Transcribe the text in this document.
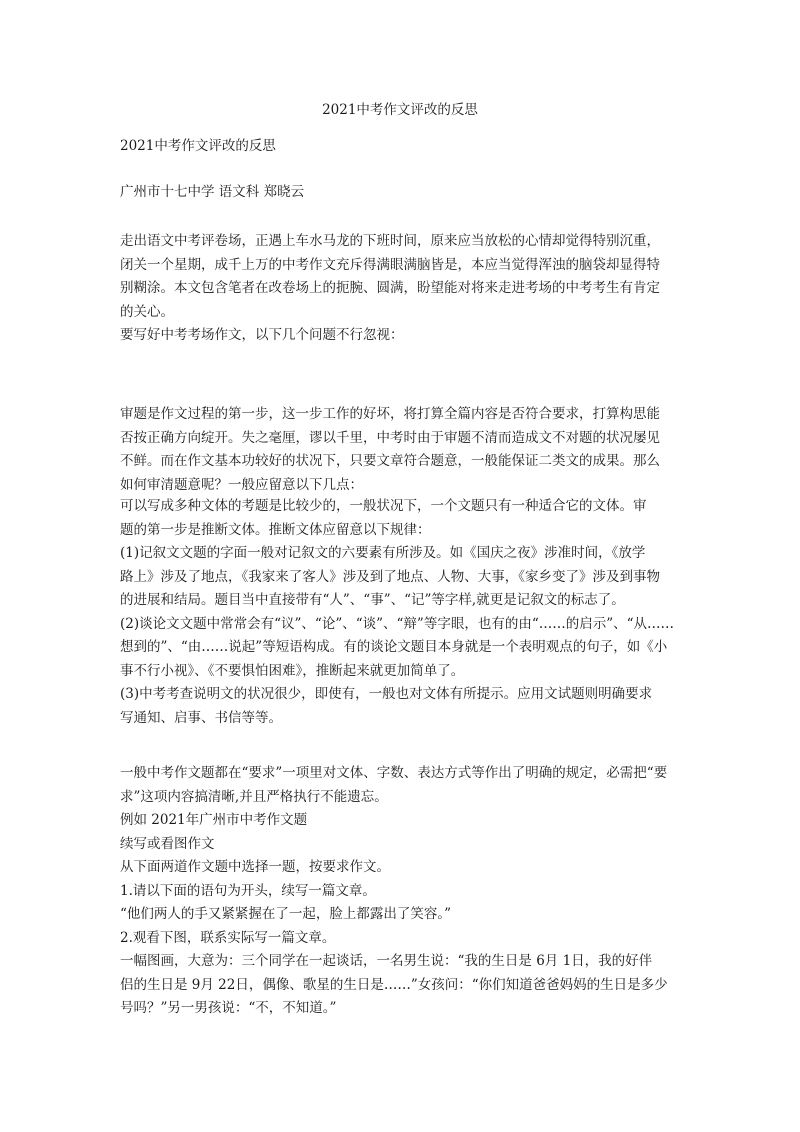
2021中考作文评改的反思

2021中考作文评改的反思

广州市十七中学 语文科 郑晓云

走出语文中考评卷场，正遇上车水马龙的下班时间，原来应当放松的心情却觉得特别沉重，
闭关一个星期，成千上万的中考作文充斥得满眼满脑皆是，本应当觉得浑浊的脑袋却显得特
别糊涂。本文包含笔者在改卷场上的扼腕、圆满，盼望能对将来走进考场的中考考生有肯定
的关心。
要写好中考考场作文，以下几个问题不行忽视：

审题是作文过程的第一步，这一步工作的好坏，将打算全篇内容是否符合要求，打算构思能
否按正确方向绽开。失之毫厘，谬以千里，中考时由于审题不清而造成文不对题的状况屡见
不鲜。而在作文基本功较好的状况下，只要文章符合题意，一般能保证二类文的成果。那么
如何审清题意呢？一般应留意以下几点：

可以写成多种文体的考题是比较少的，一般状况下，一个文题只有一种适合它的文体。审
题的第一步是推断文体。推断文体应留意以下规律：
(1)记叙文文题的字面一般对记叙文的六要素有所涉及。如《国庆之夜》涉准时间，《放学
路上》涉及了地点，《我家来了客人》涉及到了地点、人物、大事，《家乡变了》涉及到事物
的进展和结局。题目当中直接带有“人”、“事”、“记”等字样,就更是记叙文的标志了。
(2)谈论文文题中常常会有“议”、“论”、“谈”、“辩”等字眼，也有的由“……的启示”、“从……
想到的”、“由……说起”等短语构成。有的谈论文题目本身就是一个表明观点的句子，如《小
事不行小视》、《不要惧怕困难》，推断起来就更加简单了。
(3)中考考查说明文的状况很少，即使有，一般也对文体有所提示。应用文试题则明确要求
写通知、启事、书信等等。

一般中考作文题都在“要求”一项里对文体、字数、表达方式等作出了明确的规定，必需把“要
求”这项内容搞清晰,并且严格执行不能遗忘。
例如 2021年广州市中考作文题
续写或看图作文
从下面两道作文题中选择一题，按要求作文。
1.请以下面的语句为开头，续写一篇文章。
“他们两人的手又紧紧握在了一起，脸上都露出了笑容。”
2.观看下图，联系实际写一篇文章。
一幅图画，大意为：三个同学在一起谈话，一名男生说：“我的生日是 6月 1日，我的好伴
侣的生日是 9月 22日，偶像、歌星的生日是……”女孩问：“你们知道爸爸妈妈的生日是多少
号吗？”另一男孩说：“不，不知道。”
